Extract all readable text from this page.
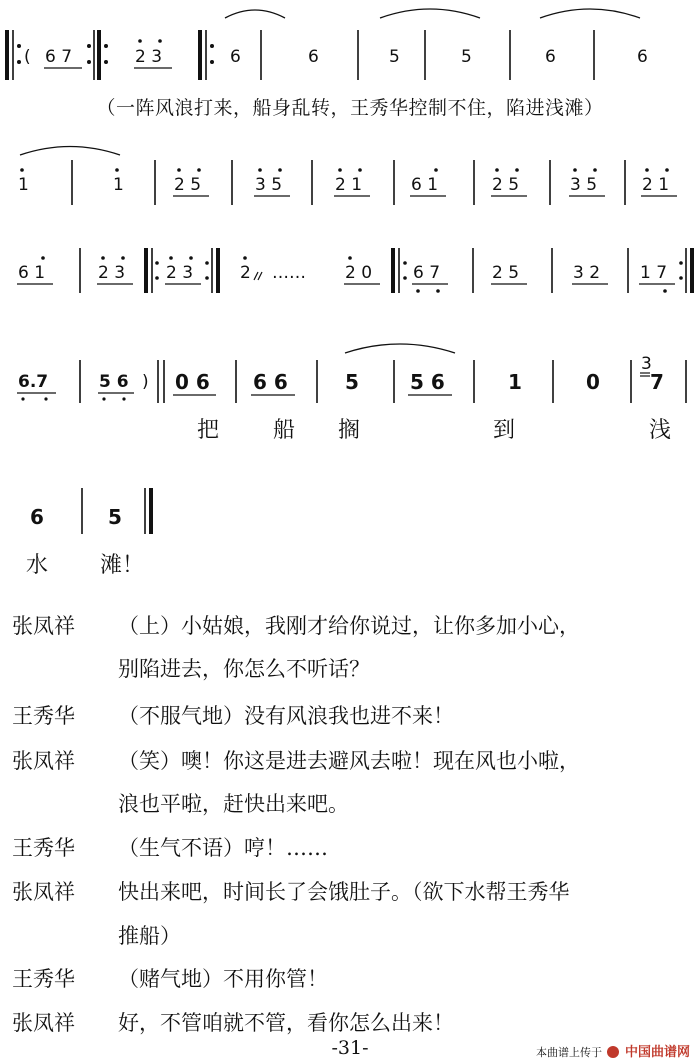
( 6 7	2 3	6	6	5	5	6	6
（一阵风浪打来，船身乱转，王秀华控制不住，陷进浅滩）
1	1	2 5	3 5	2 1	6 1	2 5	3 5	2 1
6 1	2 3 2 3	2 …… 2 0 6 7	2 5	3 2 1 7
6.7	5 6 ) 0 6 6 6	5	5 6	1	0
3
7
把 船 搁	到	浅
6	5
水 滩！
张凤祥 （上）小姑娘，我刚才给你说过，让你多加小心，
别陷进去，你怎么不听话？
王秀华 （不服气地）没有风浪我也进不来！
张凤祥 （笑）噢！你这是进去避风去啦！现在风也小啦，
浪也平啦，赶快出来吧。
王秀华 （生气不语）哼！……
张凤祥 快出来吧，时间长了会饿肚子。（欲下水帮王秀华
推船）
王秀华 （赌气地）不用你管！
张凤祥 好，不管咱就不管，看你怎么出来！
-31-	本曲谱上传于 中国曲谱网
